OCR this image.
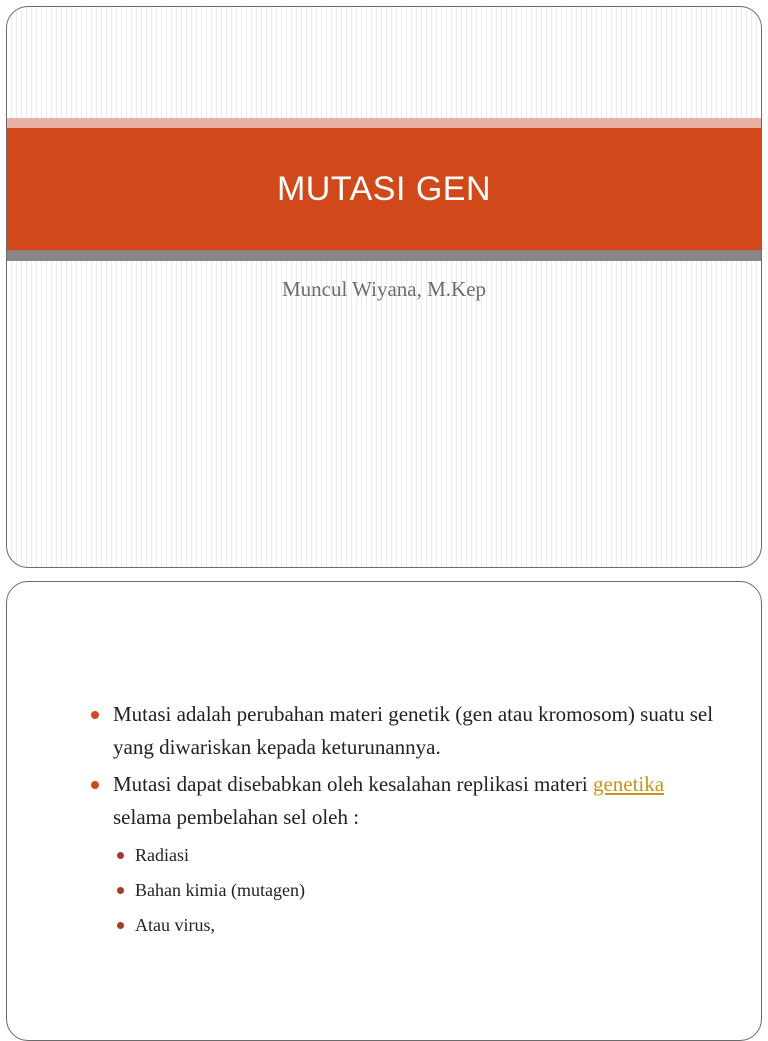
MUTASI GEN
Muncul Wiyana, M.Kep
Mutasi adalah perubahan materi genetik (gen atau kromosom) suatu sel yang diwariskan kepada keturunannya.
Mutasi dapat disebabkan oleh kesalahan replikasi materi genetika selama pembelahan sel oleh :
Radiasi
Bahan kimia (mutagen)
Atau virus,
